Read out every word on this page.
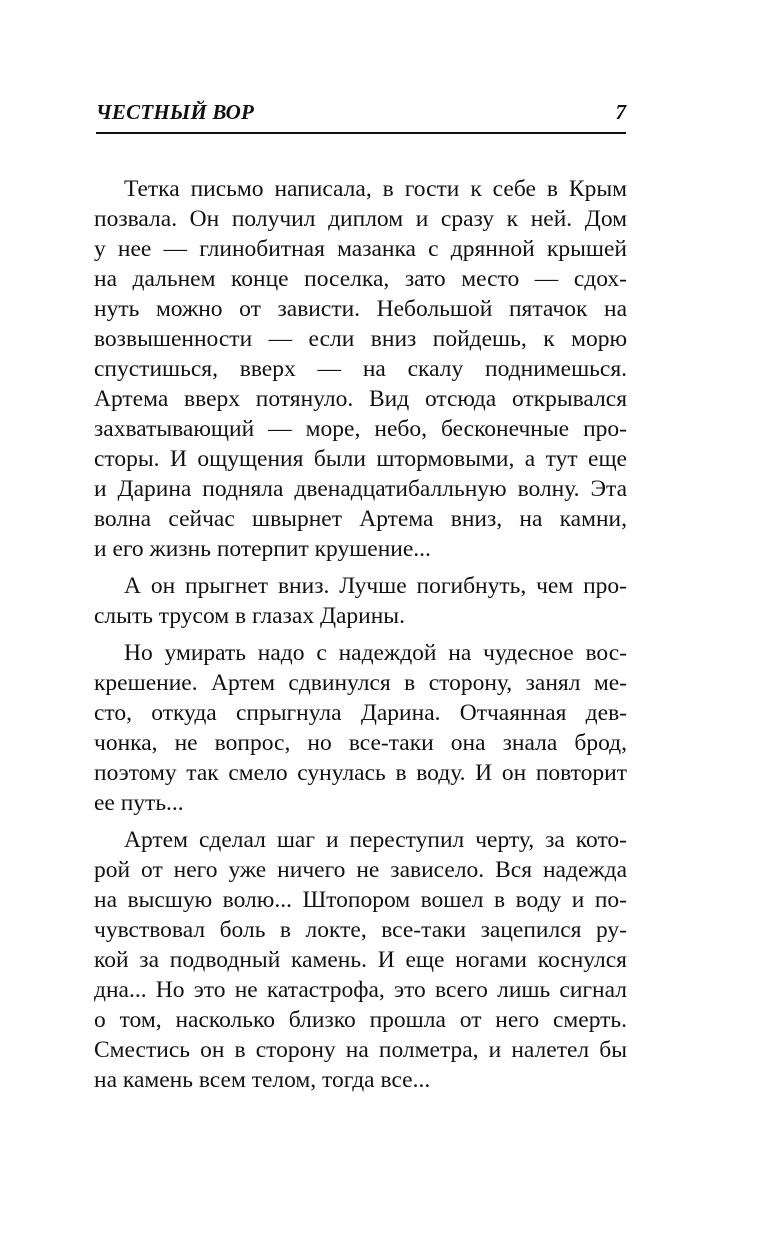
ЧЕСТНЫЙ ВОР	7
Тетка письмо написала, в гости к себе в Крым
позвала. Он получил диплом и сразу к ней. Дом
у нее — глинобитная мазанка с дрянной крышей
на дальнем конце поселка, зато место — сдох-
нуть можно от зависти. Небольшой пятачок на
возвышенности — если вниз пойдешь, к морю
спустишься, вверх — на скалу поднимешься.
Артема вверх потянуло. Вид отсюда открывался
захватывающий — море, небо, бесконечные про-
сторы. И ощущения были штормовыми, а тут еще
и Дарина подняла двенадцатибалльную волну. Эта
волна сейчас швырнет Артема вниз, на камни,
и его жизнь потерпит крушение...
А он прыгнет вниз. Лучше погибнуть, чем про-
слыть трусом в глазах Дарины.
Но умирать надо с надеждой на чудесное вос-
крешение. Артем сдвинулся в сторону, занял ме-
сто, откуда спрыгнула Дарина. Отчаянная дев-
чонка, не вопрос, но все-таки она знала брод,
поэтому так смело сунулась в воду. И он повторит
ее путь...
Артем сделал шаг и переступил черту, за кото-
рой от него уже ничего не зависело. Вся надежда
на высшую волю... Штопором вошел в воду и по-
чувствовал боль в локте, все-таки зацепился ру-
кой за подводный камень. И еще ногами коснулся
дна... Но это не катастрофа, это всего лишь сигнал
о том, насколько близко прошла от него смерть.
Сместись он в сторону на полметра, и налетел бы
на камень всем телом, тогда все...
